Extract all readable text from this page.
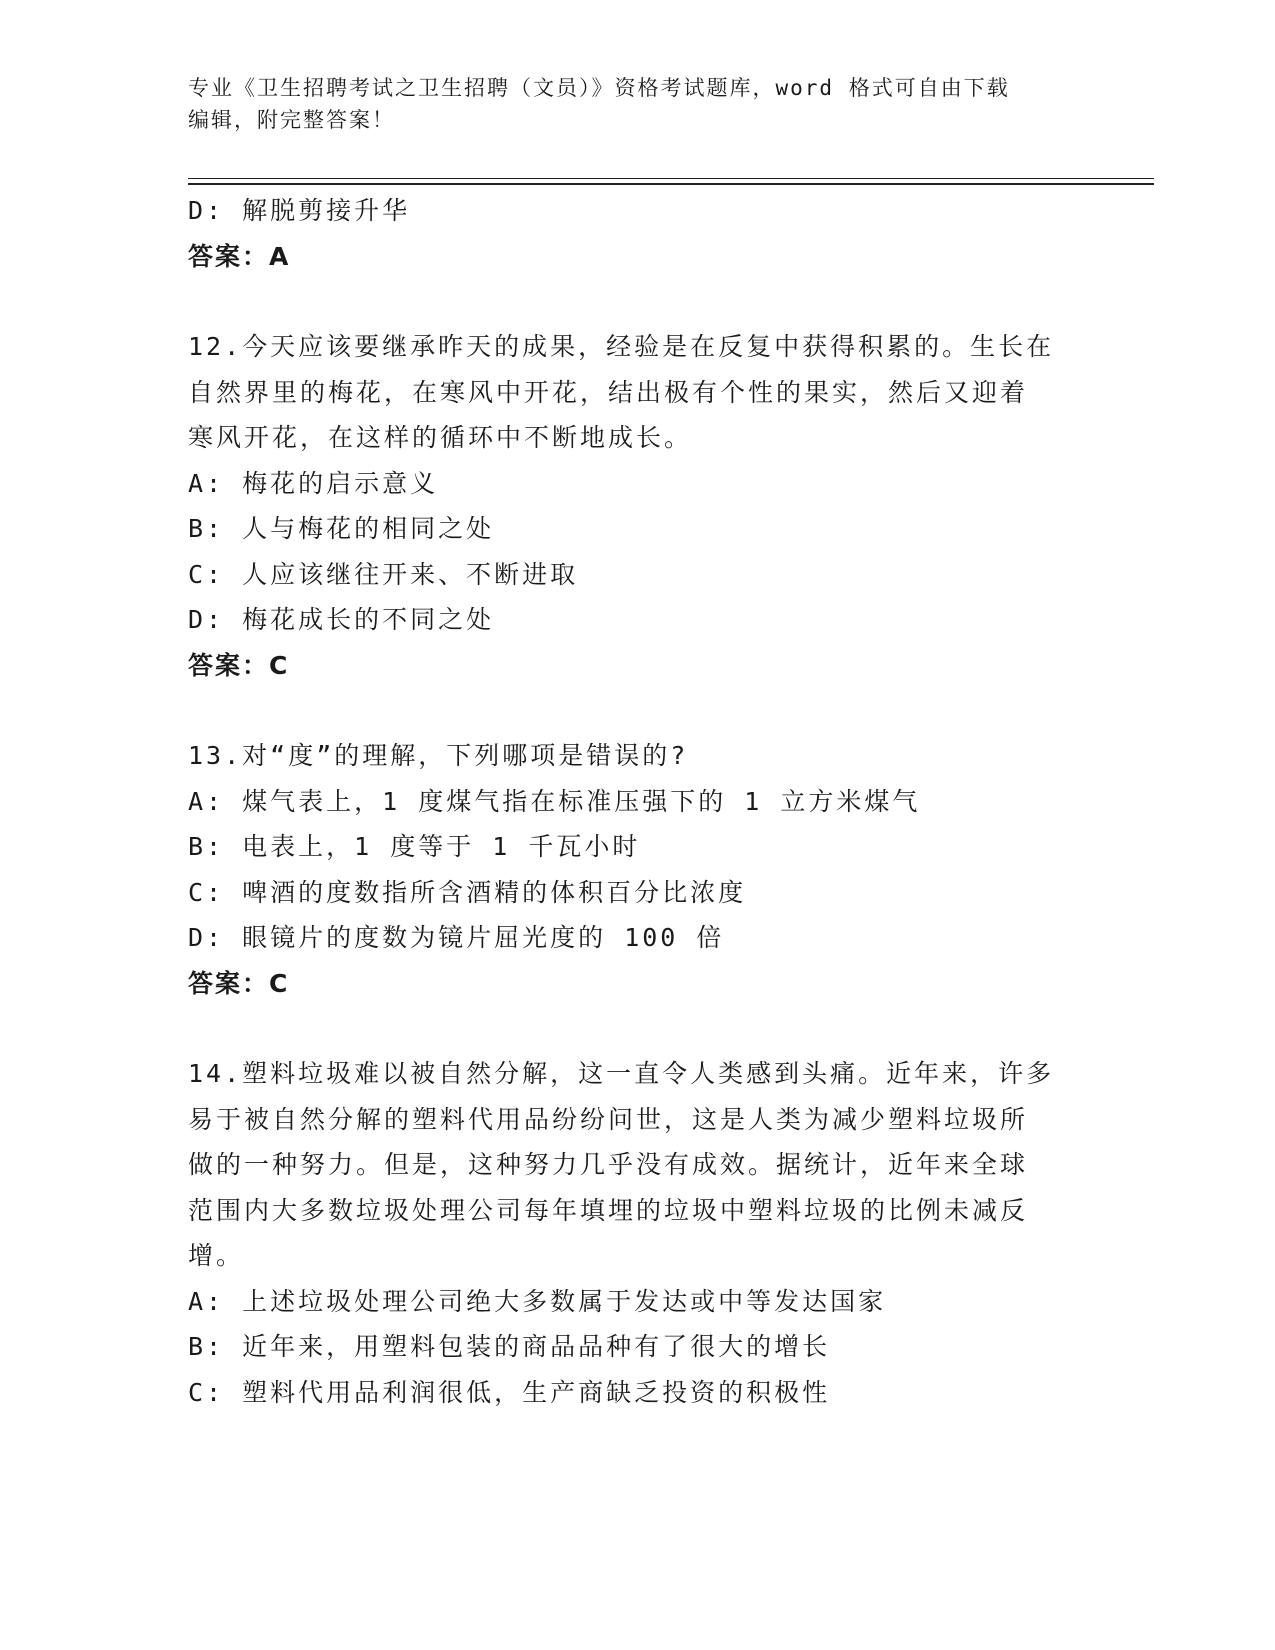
专业《卫生招聘考试之卫生招聘（文员）》资格考试题库，word 格式可自由下载
编辑，附完整答案！
D: 解脱剪接升华
答案：A
12.今天应该要继承昨天的成果，经验是在反复中获得积累的。生长在
自然界里的梅花，在寒风中开花，结出极有个性的果实，然后又迎着
寒风开花，在这样的循环中不断地成长。
A: 梅花的启示意义
B: 人与梅花的相同之处
C: 人应该继往开来、不断进取
D: 梅花成长的不同之处
答案：C
13.对“度”的理解，下列哪项是错误的?
A: 煤气表上，1 度煤气指在标准压强下的 1 立方米煤气
B: 电表上，1 度等于 1 千瓦小时
C: 啤酒的度数指所含酒精的体积百分比浓度
D: 眼镜片的度数为镜片屈光度的 100 倍
答案：C
14.塑料垃圾难以被自然分解，这一直令人类感到头痛。近年来，许多
易于被自然分解的塑料代用品纷纷问世，这是人类为减少塑料垃圾所
做的一种努力。但是，这种努力几乎没有成效。据统计，近年来全球
范围内大多数垃圾处理公司每年填埋的垃圾中塑料垃圾的比例未减反
增。
A: 上述垃圾处理公司绝大多数属于发达或中等发达国家
B: 近年来，用塑料包装的商品品种有了很大的增长
C: 塑料代用品利润很低，生产商缺乏投资的积极性
